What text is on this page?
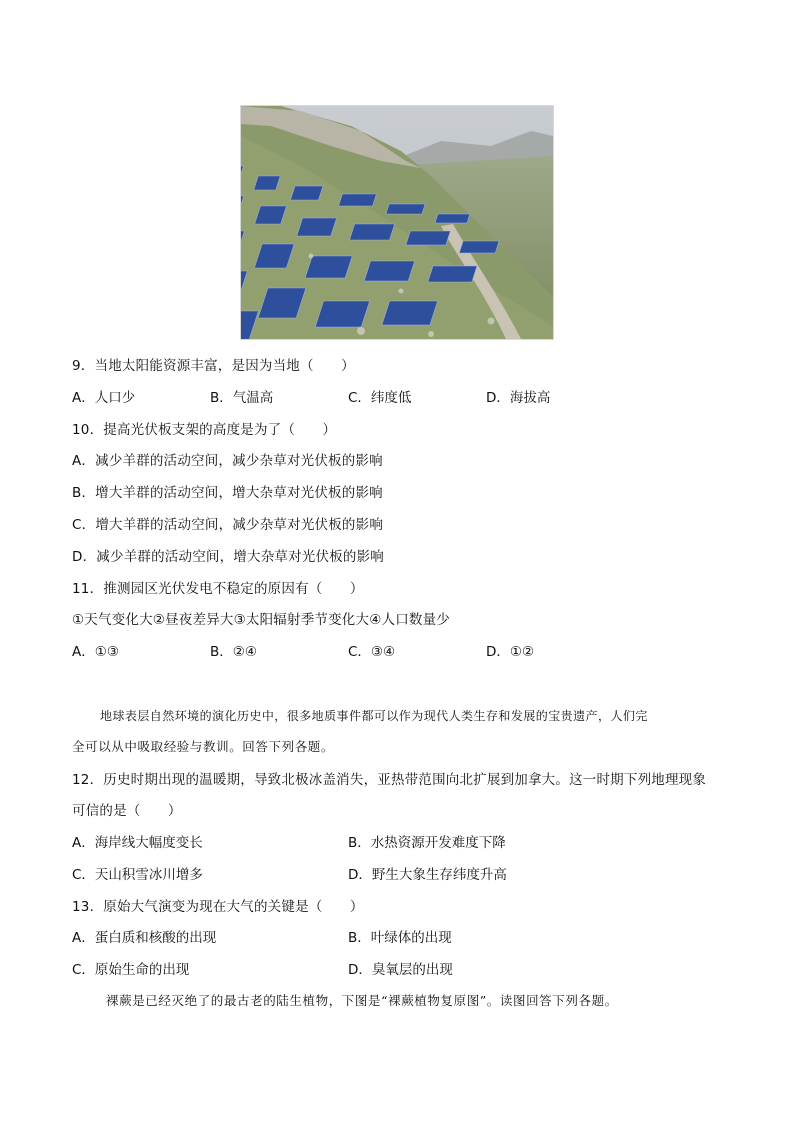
9．当地太阳能资源丰富，是因为当地（　　）
A．人口少	B．气温高	C．纬度低	D．海拔高
10．提高光伏板支架的高度是为了（　　）
A．减少羊群的活动空间，减少杂草对光伏板的影响
B．增大羊群的活动空间，增大杂草对光伏板的影响
C．增大羊群的活动空间，减少杂草对光伏板的影响
D．减少羊群的活动空间，增大杂草对光伏板的影响
11．推测园区光伏发电不稳定的原因有（　　）
①天气变化大②昼夜差异大③太阳辐射季节变化大④人口数量少
A．①③	B．②④	C．③④	D．①②
地球表层自然环境的演化历史中，很多地质事件都可以作为现代人类生存和发展的宝贵遗产，人们完
全可以从中吸取经验与教训。回答下列各题。
12．历史时期出现的温暖期，导致北极冰盖消失，亚热带范围向北扩展到加拿大。这一时期下列地理现象
可信的是（　　）
A．海岸线大幅度变长	B．水热资源开发难度下降
C．天山积雪冰川增多	D．野生大象生存纬度升高
13．原始大气演变为现在大气的关键是（　　）
A．蛋白质和核酸的出现	B．叶绿体的出现
C．原始生命的出现	D．臭氧层的出现
裸蕨是已经灭绝了的最古老的陆生植物，下图是“裸蕨植物复原图”。读图回答下列各题。
